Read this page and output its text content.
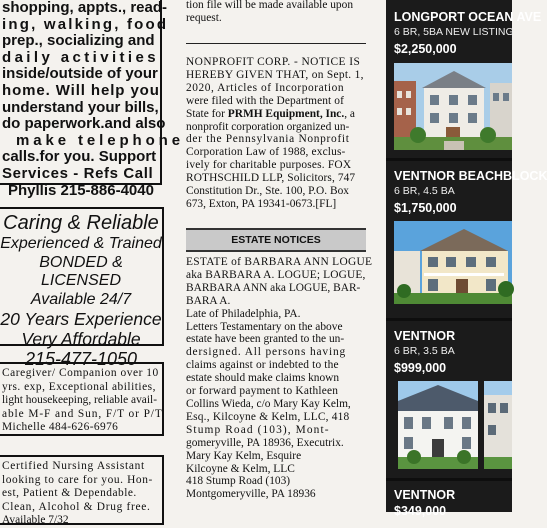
shopping, appts., read-
ing, walking, food
prep., socializing and
daily activities
inside/outside of your
home. Will help you
understand your bills,
do paperwork.and also
make telephone
calls.for you. Support
Services - Refs Call
Phyllis 215-886-4040
Caring & Reliable
Experienced & Trained
BONDED & LICENSED
Available 24/7
20 Years Experience
Very Affordable
215-477-1050
Caregiver/ Companion over 10
yrs. exp, Exceptional abilities,
light housekeeping, reliable avail-
able M-F and Sun, F/T or P/T
Michelle 484-626-6976
Certified Nursing Assistant
looking to care for you. Hon-
est, Patient & Dependable.
Clean, Alcohol & Drug free.
Available 7/32
tion file will be made available upon
request.
NONPROFIT CORP. - NOTICE IS
HEREBY GIVEN THAT, on Sept. 1,
2020, Articles of Incorporation
were filed with the Department of
State for PRMH Equipment, Inc., a
nonprofit corporation organized un-
der the Pennsylvania Nonprofit
Corporation Law of 1988, exclus-
ively for charitable purposes. FOX
ROTHSCHILD LLP, Solicitors, 747
Constitution Dr., Ste. 100, P.O. Box
673, Exton, PA 19341-0673.[FL]
ESTATE NOTICES
ESTATE of BARBARA ANN LOGUE
aka BARBARA A. LOGUE; LOGUE,
BARBARA ANN aka LOGUE, BAR-
BARA A.
Late of Philadelphia, PA.
Letters Testamentary on the above
estate have been granted to the un-
dersigned. All persons having
claims against or indebted to the
estate should make claims known
or forward payment to Kathleen
Collins Wieda, c/o Mary Kay Kelm,
Esq., Kilcoyne & Kelm, LLC, 418
Stump Road (103), Mont-
gomeryville, PA 18936, Executrix.
Mary Kay Kelm, Esquire
Kilcoyne & Kelm, LLC
418 Stump Road (103)
Montgomeryville, PA 18936
LONGPORT OCEAN AVE
6 BR, 5BA NEW LISTING
$2,250,000
VENTNOR BEACHBLOCK
6 BR, 4.5 BA
$1,750,000
VENTNOR
6 BR, 3.5 BA
$999,000
VENTNOR
$349,000
